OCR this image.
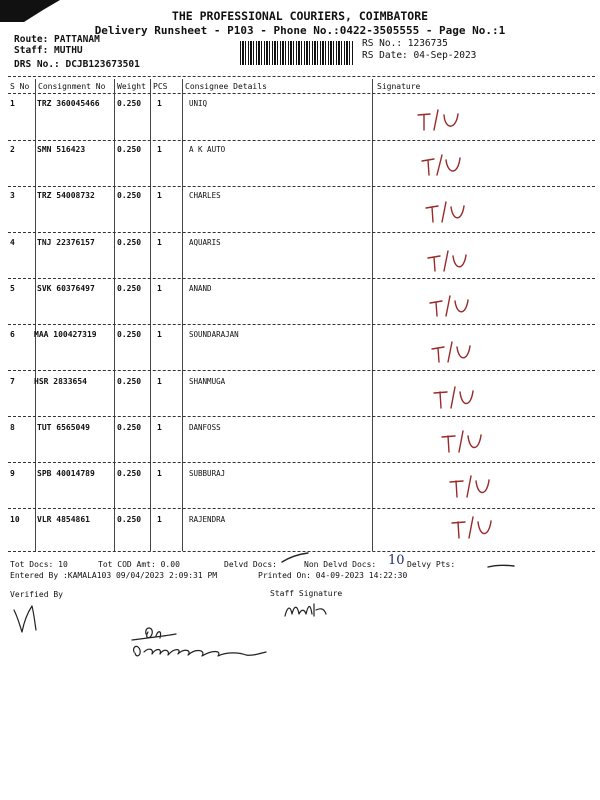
THE PROFESSIONAL COURIERS, COIMBATORE
Delivery Runsheet - P103 - Phone No.:0422-3505555 - Page No.:1
Route: PATTANAM
Staff: MUTHU
DRS No.: DCJB123673501
RS No.: 1236735
RS Date: 04-Sep-2023
S No Consignment No Weight PCS Consignee Details	Signature
1	TRZ 360045466 0.250 1	UNIQ
2	SMN 516423	0.250 1	A K AUTO
3	TRZ 54008732	0.250 1	CHARLES
4	TNJ 22376157	0.250 1	AQUARIS
5	SVK 60376497	0.250 1	ANAND
6 MAA 100427319	0.250 1	SOUNDARAJAN
7 HSR 2833654	0.250 1	SHANMUGA
8	TUT 6565049	0.250 1	DANFOSS
9	SPB 40014789	0.250 1	SUBBURAJ
10 VLR 4854861	0.250 1	RAJENDRA
Tot Docs: 10	Tot COD Amt: 0.00	Delvd Docs:	Non Delvd Docs: 10 Delvy Pts:
Entered By :KAMALA103 09/04/2023 2:09:31 PM	Printed On: 04-09-2023 14:22:30
Verified By	Staff Signature
